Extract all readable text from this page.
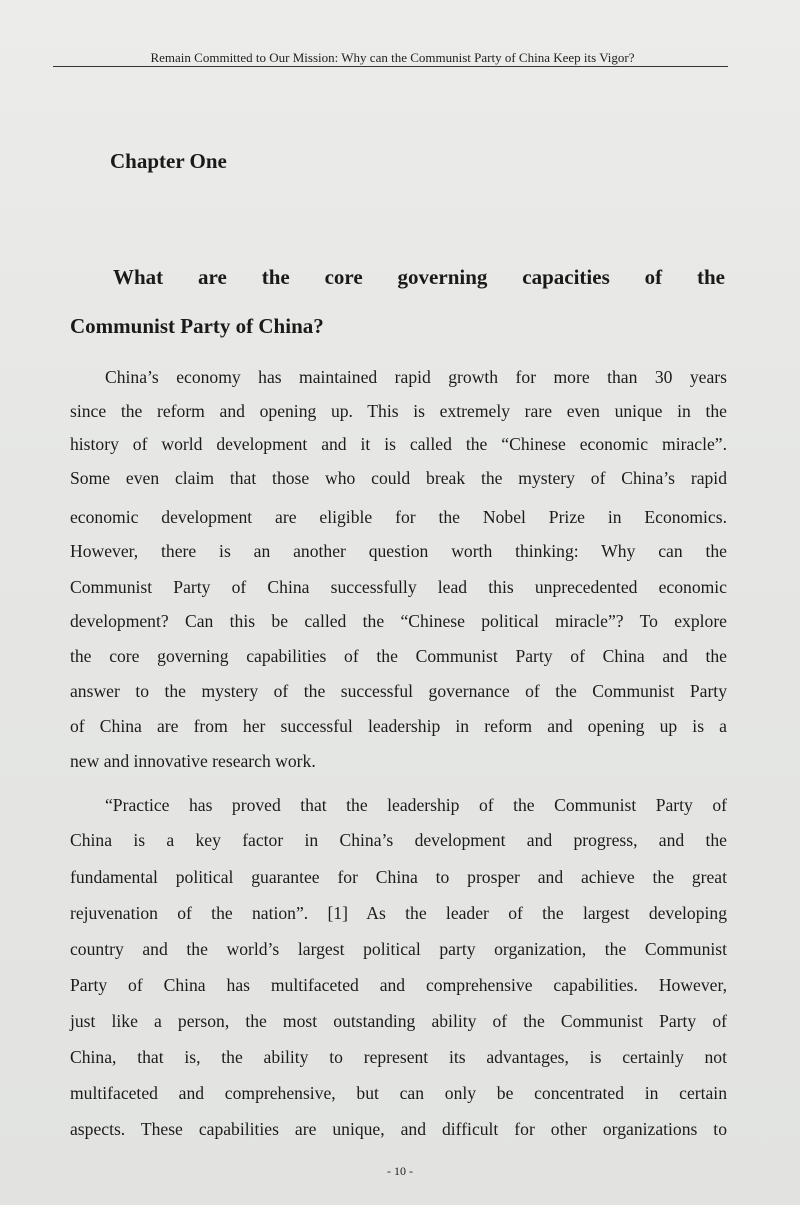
Remain Committed to Our Mission: Why can the Communist Party of China Keep its Vigor?
Chapter One
What are the core governing capacities of the
Communist Party of China?
China’s economy has maintained rapid growth for more than 30 years
since the reform and opening up. This is extremely rare even unique in the
history of world development and it is called the “Chinese economic miracle”.
Some even claim that those who could break the mystery of China’s rapid
economic development are eligible for the Nobel Prize in Economics.
However, there is an another question worth thinking: Why can the
Communist Party of China successfully lead this unprecedented economic
development? Can this be called the “Chinese political miracle”? To explore
the core governing capabilities of the Communist Party of China and the
answer to the mystery of the successful governance of the Communist Party
of China are from her successful leadership in reform and opening up is a
new and innovative research work.
“Practice has proved that the leadership of the Communist Party of
China is a key factor in China’s development and progress, and the
fundamental political guarantee for China to prosper and achieve the great
rejuvenation of the nation”. [1] As the leader of the largest developing
country and the world’s largest political party organization, the Communist
Party of China has multifaceted and comprehensive capabilities. However,
just like a person, the most outstanding ability of the Communist Party of
China, that is, the ability to represent its advantages, is certainly not
multifaceted and comprehensive, but can only be concentrated in certain
aspects. These capabilities are unique, and difficult for other organizations to
- 10 -
